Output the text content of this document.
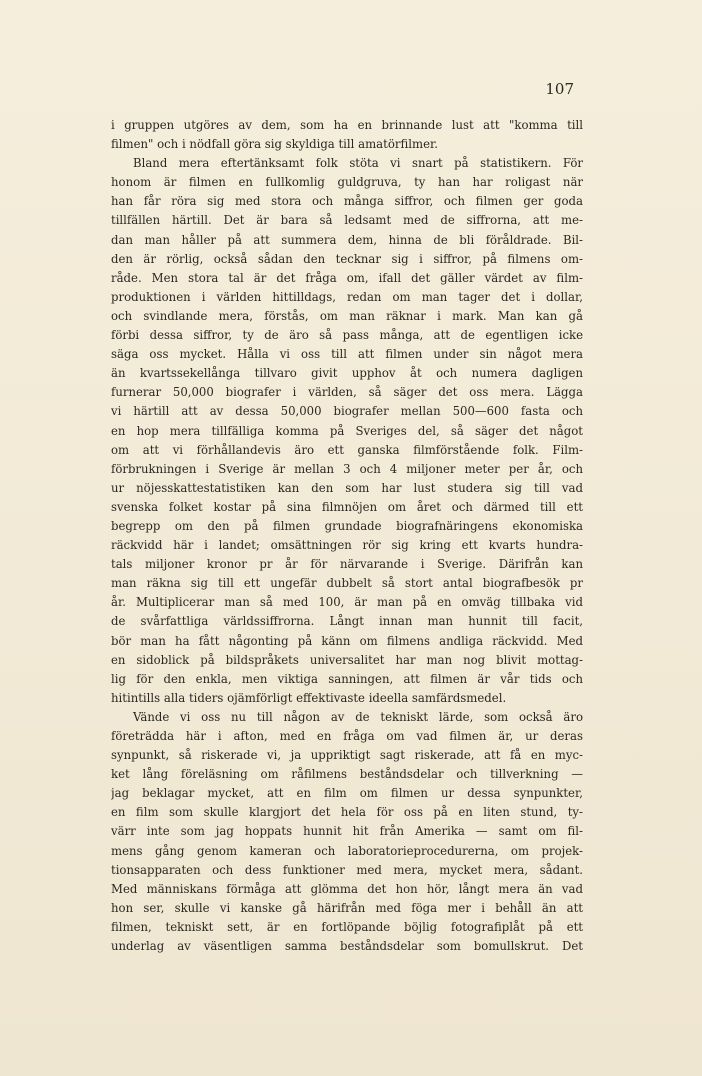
107
i gruppen utgöres av dem, som ha en brinnande lust att "komma till
filmen" och i nödfall göra sig skyldiga till amatörfilmer.
Bland mera eftertänksamt folk stöta vi snart på statistikern. För
honom är filmen en fullkomlig guldgruva, ty han har roligast när
han får röra sig med stora och många siffror, och filmen ger goda
tillfällen härtill. Det är bara så ledsamt med de siffrorna, att me-
dan man håller på att summera dem, hinna de bli föråldrade. Bil-
den är rörlig, också sådan den tecknar sig i siffror, på filmens om-
råde. Men stora tal är det fråga om, ifall det gäller värdet av film-
produktionen i världen hittilldags, redan om man tager det i dollar,
och svindlande mera, förstås, om man räknar i mark. Man kan gå
förbi dessa siffror, ty de äro så pass många, att de egentligen icke
säga oss mycket. Hålla vi oss till att filmen under sin något mera
än kvartssekellånga tillvaro givit upphov åt och numera dagligen
furnerar 50,000 biografer i världen, så säger det oss mera. Lägga
vi härtill att av dessa 50,000 biografer mellan 500—600 fasta och
en hop mera tillfälliga komma på Sveriges del, så säger det något
om att vi förhållandevis äro ett ganska filmförstående folk. Film-
förbrukningen i Sverige är mellan 3 och 4 miljoner meter per år, och
ur nöjesskattestatistiken kan den som har lust studera sig till vad
svenska folket kostar på sina filmnöjen om året och därmed till ett
begrepp om den på filmen grundade biografnäringens ekonomiska
räckvidd här i landet; omsättningen rör sig kring ett kvarts hundra-
tals miljoner kronor pr år för närvarande i Sverige. Därifrån kan
man räkna sig till ett ungefär dubbelt så stort antal biografbesök pr
år. Multiplicerar man så med 100, är man på en omväg tillbaka vid
de svårfattliga världssiffrorna. Långt innan man hunnit till facit,
bör man ha fått någonting på känn om filmens andliga räckvidd. Med
en sidoblick på bildspråkets universalitet har man nog blivit mottag-
lig för den enkla, men viktiga sanningen, att filmen är vår tids och
hitintills alla tiders ojämförligt effektivaste ideella samfärdsmedel.
Vände vi oss nu till någon av de tekniskt lärde, som också äro
företrädda här i afton, med en fråga om vad filmen är, ur deras
synpunkt, så riskerade vi, ja uppriktigt sagt riskerade, att få en myc-
ket lång föreläsning om råfilmens beståndsdelar och tillverkning —
jag beklagar mycket, att en film om filmen ur dessa synpunkter,
en film som skulle klargjort det hela för oss på en liten stund, ty-
värr inte som jag hoppats hunnit hit från Amerika — samt om fil-
mens gång genom kameran och laboratorieprocedurerna, om projek-
tionsapparaten och dess funktioner med mera, mycket mera, sådant.
Med människans förmåga att glömma det hon hör, långt mera än vad
hon ser, skulle vi kanske gå härifrån med föga mer i behåll än att
filmen, tekniskt sett, är en fortlöpande böjlig fotografiplåt på ett
underlag av väsentligen samma beståndsdelar som bomullskrut. Det
